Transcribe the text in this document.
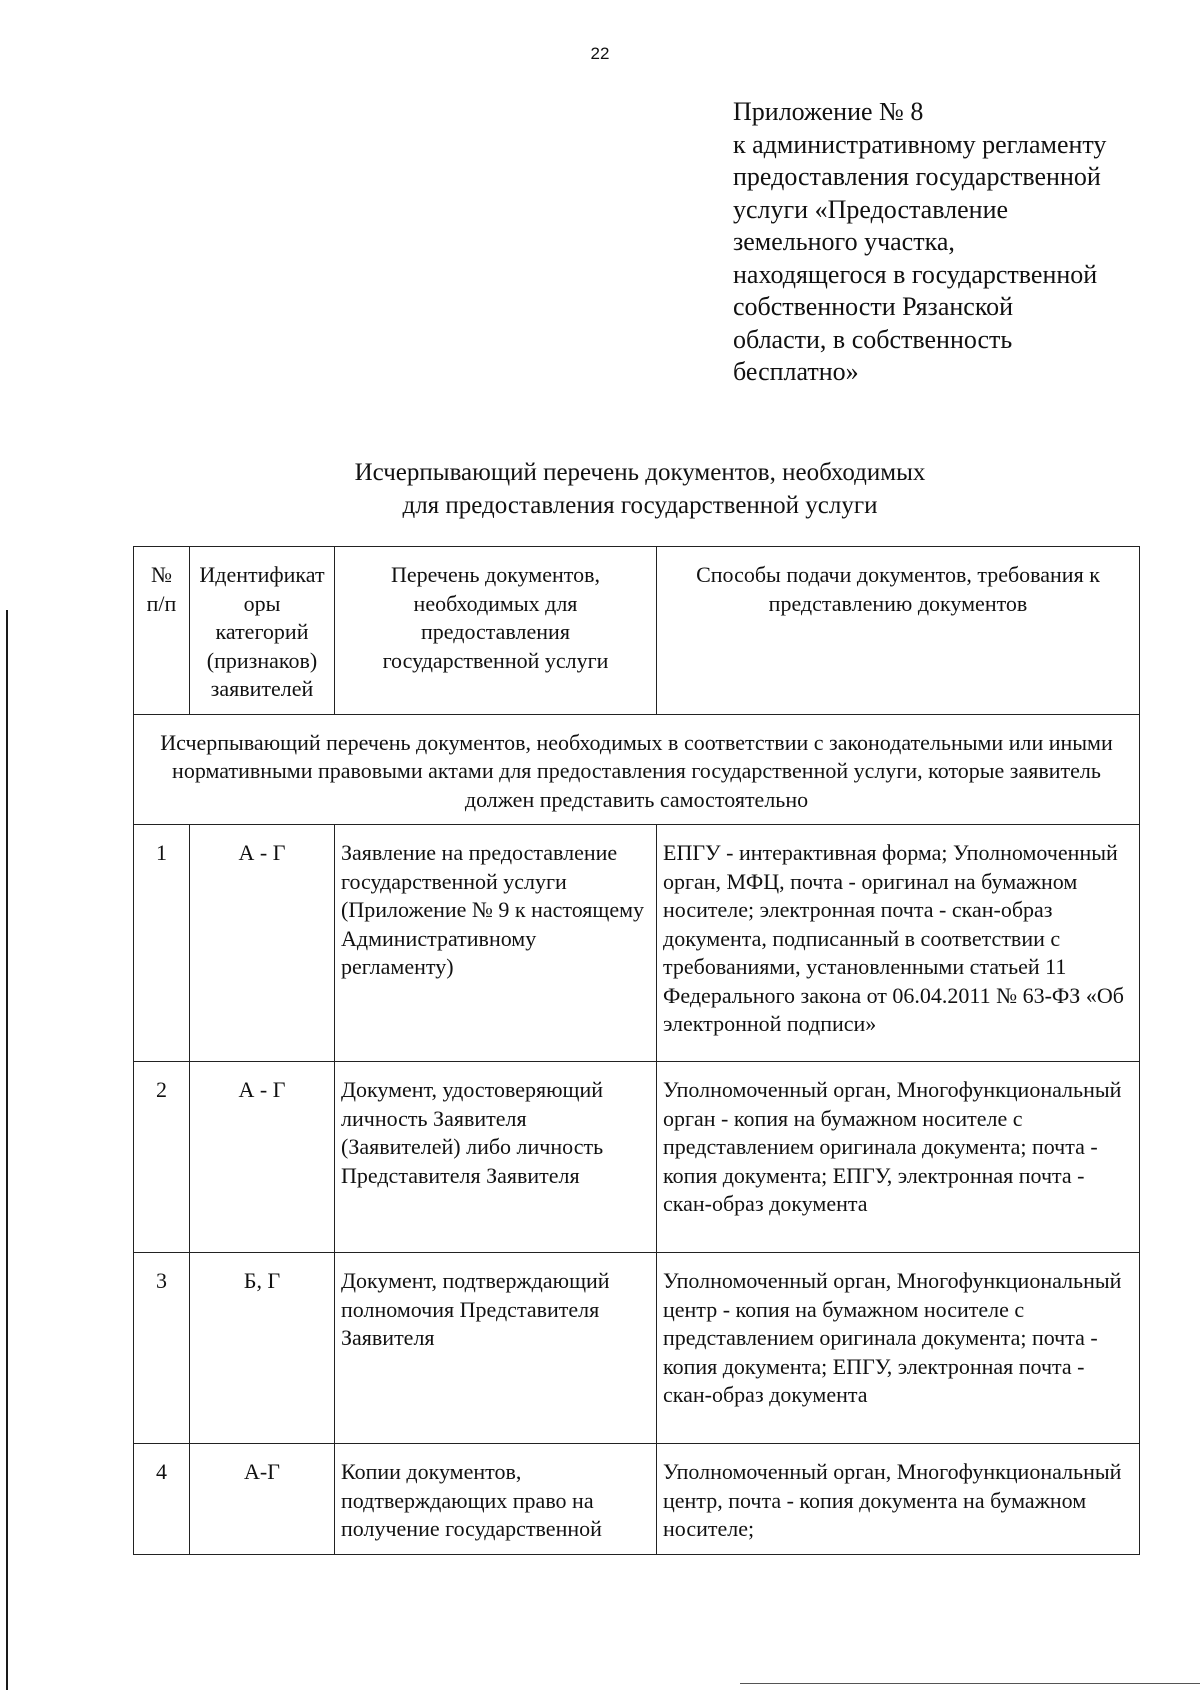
22
Приложение № 8
к административному регламенту
предоставления государственной
услуги «Предоставление
земельного участка,
находящегося в государственной
собственности Рязанской
области, в собственность
бесплатно»
Исчерпывающий перечень документов, необходимых
для предоставления государственной услуги
№ п/п	Идентификаторы категорий (признаков) заявителей	Перечень документов, необходимых для предоставления государственной услуги	Способы подачи документов, требования к представлению документов
Исчерпывающий перечень документов, необходимых в соответствии с законодательными или иными нормативными правовыми актами для предоставления государственной услуги, которые заявитель должен представить самостоятельно			
1	А - Г	Заявление на предоставление государственной услуги (Приложение № 9 к настоящему Административному регламенту)	ЕПГУ - интерактивная форма; Уполномоченный орган, МФЦ, почта - оригинал на бумажном носителе; электронная почта - скан-образ документа, подписанный в соответствии с требованиями, установленными статьей 11 Федерального закона от 06.04.2011 № 63-ФЗ «Об электронной подписи»
2	А - Г	Документ, удостоверяющий личность Заявителя (Заявителей) либо личность Представителя Заявителя	Уполномоченный орган, Многофункциональный орган - копия на бумажном носителе с представлением оригинала документа; почта - копия документа; ЕПГУ, электронная почта - скан-образ документа
3	Б, Г	Документ, подтверждающий полномочия Представителя Заявителя	Уполномоченный орган, Многофункциональный центр - копия на бумажном носителе с представлением оригинала документа; почта - копия документа; ЕПГУ, электронная почта - скан-образ документа
4	А-Г	Копии документов, подтверждающих право на получение государственной	Уполномоченный орган, Многофункциональный центр, почта - копия документа на бумажном носителе;
